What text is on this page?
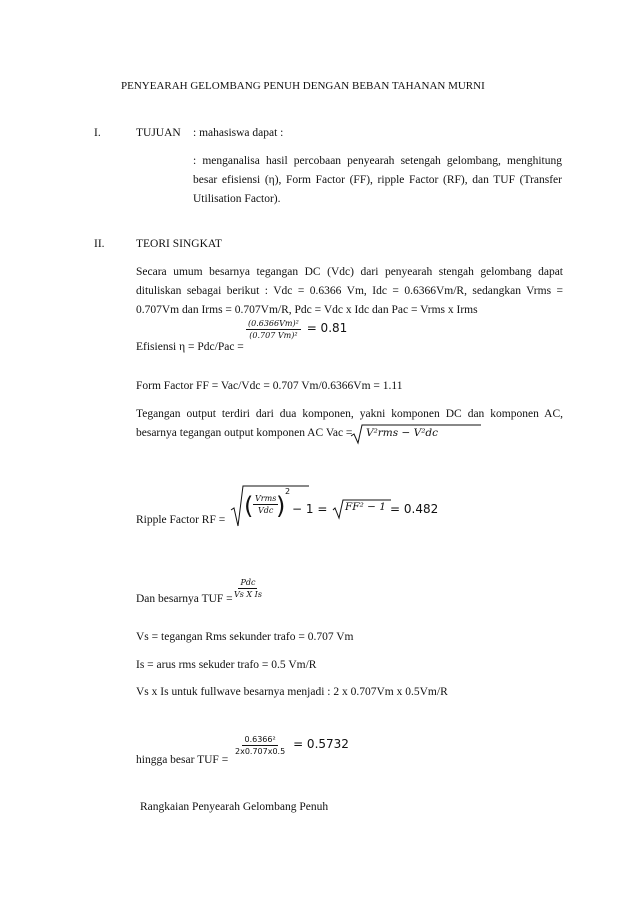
PENYEARAH GELOMBANG PENUH DENGAN BEBAN TAHANAN MURNI
I.	TUJUAN : mahasiswa dapat :
: menganalisa hasil percobaan penyearah setengah gelombang, menghitung besar efisiensi (η), Form Factor (FF), ripple Factor (RF), dan TUF (Transfer Utilisation Factor).
II.	TEORI SINGKAT
Secara umum besarnya tegangan DC (Vdc) dari penyearah stengah gelombang dapat dituliskan sebagai berikut : Vdc = 0.6366 Vm, Idc = 0.6366Vm/R, sedangkan Vrms = 0.707Vm dan Irms = 0.707Vm/R, Pdc = Vdc x Idc dan Pac = Vrms x Irms
Efisiensi η = Pdc/Pac =
$\frac{\text{(0.6366Vm)²}}{\text{(0.707 Vm)²}} = 0.81$
Form Factor FF = Vac/Vdc = 0.707 Vm/0.6366Vm = 1.11
Tegangan output terdiri dari dua komponen, yakni komponen DC dan komponen AC, besarnya tegangan output komponen AC Vac =	V²rms − V²dc
Ripple Factor RF = ( Vrms
Vdc )
2
− 1 = FF² − 1 = 0.482
Dan besarnya TUF = $\frac{\text{Pdc}}{\text{Vs X Is}}$
Vs = tegangan Rms sekunder trafo = 0.707 Vm
Is = arus rms sekuder trafo = 0.5 Vm/R
Vs x Is untuk fullwave besarnya menjadi : 2 x 0.707Vm x 0.5Vm/R
hingga besar TUF =
$\frac{\text{0.6366²}}{2x0.707x0.5} = 0.5732$
Rangkaian Penyearah Gelombang Penuh
